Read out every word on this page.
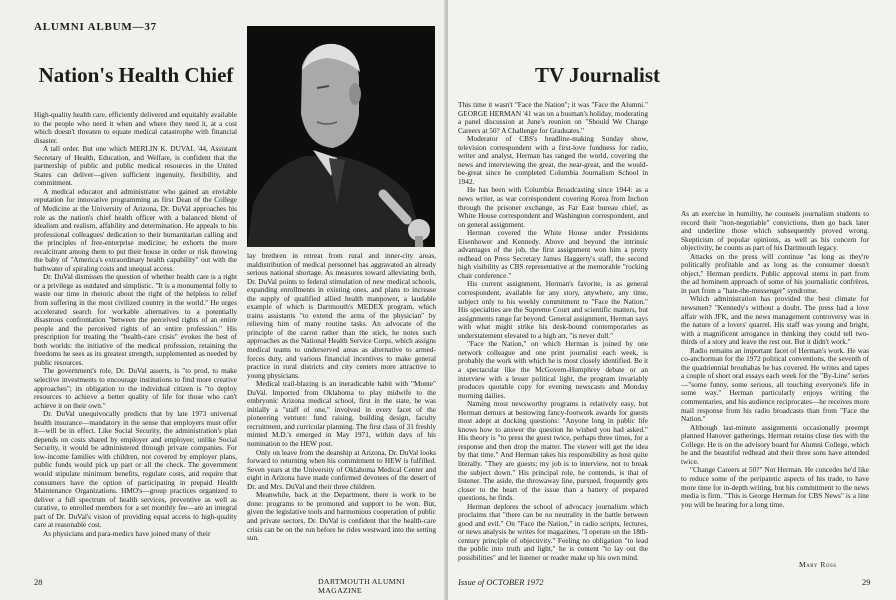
ALUMNI ALBUM—37
Nation's Health Chief

High-quality health care, efficiently delivered and equitably available to the people who need it when and where they need it, at a cost which doesn't threaten to equate medical catastrophe with financial disaster.

A tall order. But one which MERLIN K. DUVAL '44, Assistant Secretary of Health, Education, and Welfare, is confident that the partnership of public and public medical resources in the United States can deliver—given sufficient ingenuity, flexibility, and commitment.

A medical educator and administrator who gained an enviable reputation for innovative programming as first Dean of the College of Medicine at the University of Arizona, Dr. DuVal approaches his role as the nation's chief health officer with a balanced blend of idealism and realism, affability and determination. He appeals to his professional colleagues' dedication to their humanitarian calling and the principles of free-enterprise medicine; he exhorts the more recalcitrant among them to put their house in order or risk throwing the baby of "America's extraordinary health capability" out with the bathwater of spiraling costs and unequal access.

Dr. DuVal dismisses the question of whether health care is a right or a privilege as outdated and simplistic. "It is a monumental folly to waste our time in rhetoric about the right of the helpless to relief from suffering in the most civilized country in the world." He urges accelerated search for workable alternatives to a potentially disastrous confrontation "between the perceived rights of an entire people and the perceived rights of an entire profession." His prescription for treating the "health-care crisis" evokes the best of both worlds: the initiative of the medical profession, retaining the freedoms he sees as its greatest strength, supplemented as needed by public resources.

The government's role, Dr. DuVal asserts, is "to prod, to make selective investments to encourage institutions to find more creative approaches"; its obligation to the individual citizen is "to deploy resources to achieve a better quality of life for those who can't achieve it on their own."

Dr. DuVal unequivocally predicts that by late 1973 universal health insurance—mandatory in the sense that employers must offer it—will be in effect. Like Social Security, the administration's plan depends on costs shared by employer and employee; unlike Social Security, it would be administered through private companies. For low-income families with children, not covered by employer plans, public funds would pick up part or all the check. The government would stipulate minimum benefits, regulate costs, and require that consumers have the option of participating in prepaid Health Maintenance Organizations. HMO's—group practices organized to deliver a full spectrum of health services, preventive as well as curative, to enrolled members for a set monthly fee—are an integral part of Dr. DuVal's vision of providing equal access to high-quality care at reasonable cost.

As physicians and para-medics have joined many of their

lay brethren in retreat from rural and inner-city areas, maldistribution of medical personnel has aggravated an already serious national shortage. As measures toward alleviating both, Dr. DuVal points to federal stimulation of new medical schools, expanding enrollments in existing ones, and plans to increase the supply of qualified allied health manpower, a laudable example of which is Dartmouth's MEDEX program, which trains assistants "to extend the arms of the physician" by relieving him of many routine tasks. An advocate of the principle of the carrot rather than the stick, he notes such approaches as the National Health Service Corps, which assigns medical teams to underserved areas as alternative to armed-forces duty, and various financial incentives to make general practice in rural districts and city centers more attractive to young physicians.

Medical trail-blazing is an ineradicable habit with "Monte" DuVal. Imported from Oklahoma to play midwife to the embryonic Arizona medical school, first in the state, he was initially a "staff of one," involved in every facet of the pioneering venture: fund raising, building design, faculty recruitment, and curricular planning. The first class of 31 freshly minted M.D.'s emerged in May 1971, within days of his nomination to the HEW post.

Only on leave from the deanship at Arizona, Dr. DuVal looks forward to returning when his commitment to HEW is fulfilled. Seven years at the University of Oklahoma Medical Center and eight in Arizona have made confirmed devotees of the desert of Dr. and Mrs. DuVal and their three children.

Meanwhile, back at the Department, there is work to be done: programs to be promoted and support to be won. But, given the legislative tools and harmonious cooperation of public and private sectors, Dr. DuVal is confident that the health-care crisis can be on the run before he rides westward into the setting sun.

28	DARTMOUTH ALUMNI MAGAZINE
TV Journalist

This time it wasn't "Face the Nation"; it was "Face the Alumni." GEORGE HERMAN '41 was on a busman's holiday, moderating a panel discussion at June's reunion on "Should We Change Careers at 50? A Challenge for Graduates."

Moderator of CBS's headline-making Sunday show, television correspondent with a first-love fondness for radio, writer and analyst, Herman has ranged the world, covering the news and interviewing the great, the near-great, and the would-be-great since he completed Columbia Journalism School in 1942.

He has been with Columbia Broadcasting since 1944: as a news writer, as war correspondent covering Korea from Inchon through the prisoner exchange, as Far East bureau chief, as White House correspondent and Washington correspondent, and on general assignment.

Herman covered the White House under Presidents Eisenhower and Kennedy. Above and beyond the intrinsic advantages of the job, the first assignment won him a pretty redhead on Press Secretary James Haggerty's staff, the second high visibility as CBS representative at the memorable "rocking chair conference."

His current assignment, Herman's favorite, is as general correspondent, available for any story, anywhere, any time, subject only to his weekly commitment to "Face the Nation." His specialties are the Supreme Court and scientific matters, but assignments range far beyond. General assignment, Herman says with what might strike his desk-bound contemporaries as understatement elevated to a high art, "is never dull."

"Face the Nation," on which Herman is joined by one network colleague and one print journalist each week, is probably the work with which he is most closely identified. Be it a spectacular like the McGovern-Humphrey debate or an interview with a lesser political light, the program invariably produces quotable copy for evening newscasts and Monday morning dailies.

Naming most newsworthy programs is relatively easy, but Herman demurs at bestowing fancy-footwork awards for guests most adept at ducking questions: "Anyone long in public life knows how to answer the question he wished you had asked." His theory is "to press the guest twice, perhaps three times, for a response and then drop the matter. The viewer will get the idea by that time." And Herman takes his responsibility as host quite literally. "They are guests; my job is to interview, not to break the subject down." His principal role, he contends, is that of listener. The aside, the throwaway line, pursued, frequently gets closer to the heart of the issue than a battery of prepared questions, he finds.

Herman deplores the school of advocacy journalism which proclaims that "there can be no neutrality in the battle between good and evil." On "Face the Nation," in radio scripts, lectures, or news analysis he writes for magazines, "I operate on the 18th-century principle of objectivity." Feeling no obligation "to lead the public into truth and light," he is content "to lay out the possibilities" and let listener or reader make up his own mind.

As an exercise in humility, he counsels journalism students to record their "non-negotiable" convictions, then go back later and underline those which subsequently proved wrong. Skepticism of popular opinions, as well as his concern for objectivity, he counts as part of his Dartmouth legacy.

Attacks on the press will continue "as long as they're politically profitable and as long as the consumer doesn't object," Herman predicts. Public approval stems in part from the ad hominem approach of some of his journalistic confrères, in part from a "hate-the-messenger" syndrome.

Which administration has provided the best climate for newsmen? "Kennedy's without a doubt. The press had a love affair with JFK, and the news management controversy was in the nature of a lovers' quarrel. His staff was young and bright, with a magnificent arrogance in thinking they could tell two-thirds of a story and leave the rest out. But it didn't work."

Radio remains an important facet of Herman's work. He was co-anchorman for the 1972 political conventions, the seventh of the quadriennial brouhahas he has covered. He writes and tapes a couple of short oral essays each week for the "By-Line" series—"some funny, some serious, all touching everyone's life in some way." Herman particularly enjoys writing the commentaries, and his audience reciprocates—he receives more mail response from his radio broadcasts than from "Face the Nation."

Although last-minute assignments occasionally preempt planned Hanover gatherings, Herman retains close ties with the College. He is on the advisory board for Alumni College, which he and the beautiful redhead and their three sons have attended twice.

"Change Careers at 50?" Not Herman. He concedes he'd like to reduce some of the peripatetic aspects of his trade, to have more time for in-depth writing, but his commitment to the news media is firm. "This is George Herman for CBS News" is a line you will be hearing for a long time.

Mary Ross
Issue of OCTOBER 1972	29
